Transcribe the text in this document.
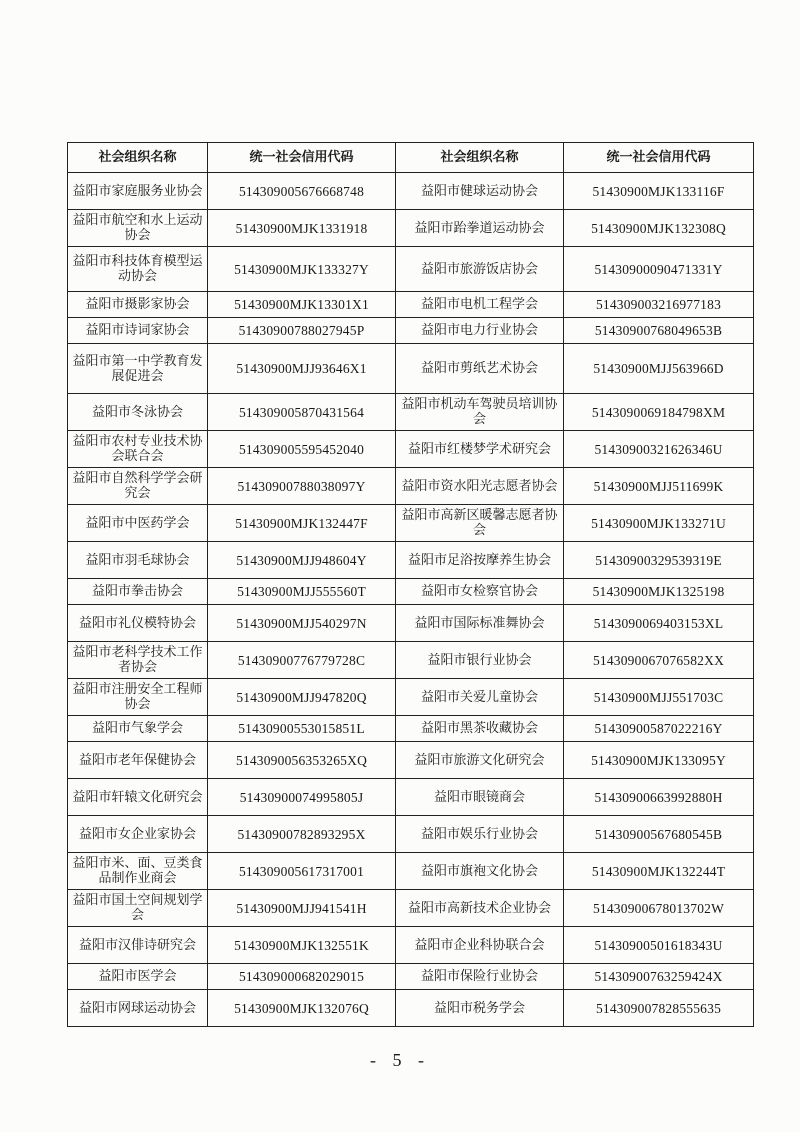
社会组织名称	统一社会信用代码	社会组织名称	统一社会信用代码
益阳市家庭服务业协会	514309005676668748	益阳市健球运动协会	51430900MJK133116F
益阳市航空和水上运动协会	51430900MJK1331918	益阳市跆拳道运动协会	51430900MJK132308Q
益阳市科技体育模型运动协会	51430900MJK133327Y	益阳市旅游饭店协会	51430900090471331Y
益阳市摄影家协会	51430900MJK13301X1	益阳市电机工程学会	514309003216977183
益阳市诗词家协会	51430900788027945P	益阳市电力行业协会	51430900768049653B
益阳市第一中学教育发展促进会	51430900MJJ93646X1	益阳市剪纸艺术协会	51430900MJJ563966D
益阳市冬泳协会	514309005870431564	益阳市机动车驾驶员培训协会	5143090069184798XM
益阳市农村专业技术协会联合会	514309005595452040	益阳市红楼梦学术研究会	51430900321626346U
益阳市自然科学学会研究会	51430900788038097Y	益阳市资水阳光志愿者协会	51430900MJJ511699K
益阳市中医药学会	51430900MJK132447F	益阳市高新区暖馨志愿者协会	51430900MJK133271U
益阳市羽毛球协会	51430900MJJ948604Y	益阳市足浴按摩养生协会	51430900329539319E
益阳市拳击协会	51430900MJJ555560T	益阳市女检察官协会	51430900MJK1325198
益阳市礼仪模特协会	51430900MJJ540297N	益阳市国际标准舞协会	5143090069403153XL
益阳市老科学技术工作者协会	51430900776779728C	益阳市银行业协会	5143090067076582XX
益阳市注册安全工程师协会	51430900MJJ947820Q	益阳市关爱儿童协会	51430900MJJ551703C
益阳市气象学会	51430900553015851L	益阳市黑茶收藏协会	51430900587022216Y
益阳市老年保健协会	5143090056353265XQ	益阳市旅游文化研究会	51430900MJK133095Y
益阳市轩辕文化研究会	51430900074995805J	益阳市眼镜商会	51430900663992880H
益阳市女企业家协会	51430900782893295X	益阳市娱乐行业协会	51430900567680545B
益阳市米、面、豆类食品制作业商会	514309005617317001	益阳市旗袍文化协会	51430900MJK132244T
益阳市国土空间规划学会	51430900MJJ941541H	益阳市高新技术企业协会	51430900678013702W
益阳市汉俳诗研究会	51430900MJK132551K	益阳市企业科协联合会	51430900501618343U
益阳市医学会	514309000682029015	益阳市保险行业协会	51430900763259424X
益阳市网球运动协会	51430900MJK132076Q	益阳市税务学会	514309007828555635
- 5 -
